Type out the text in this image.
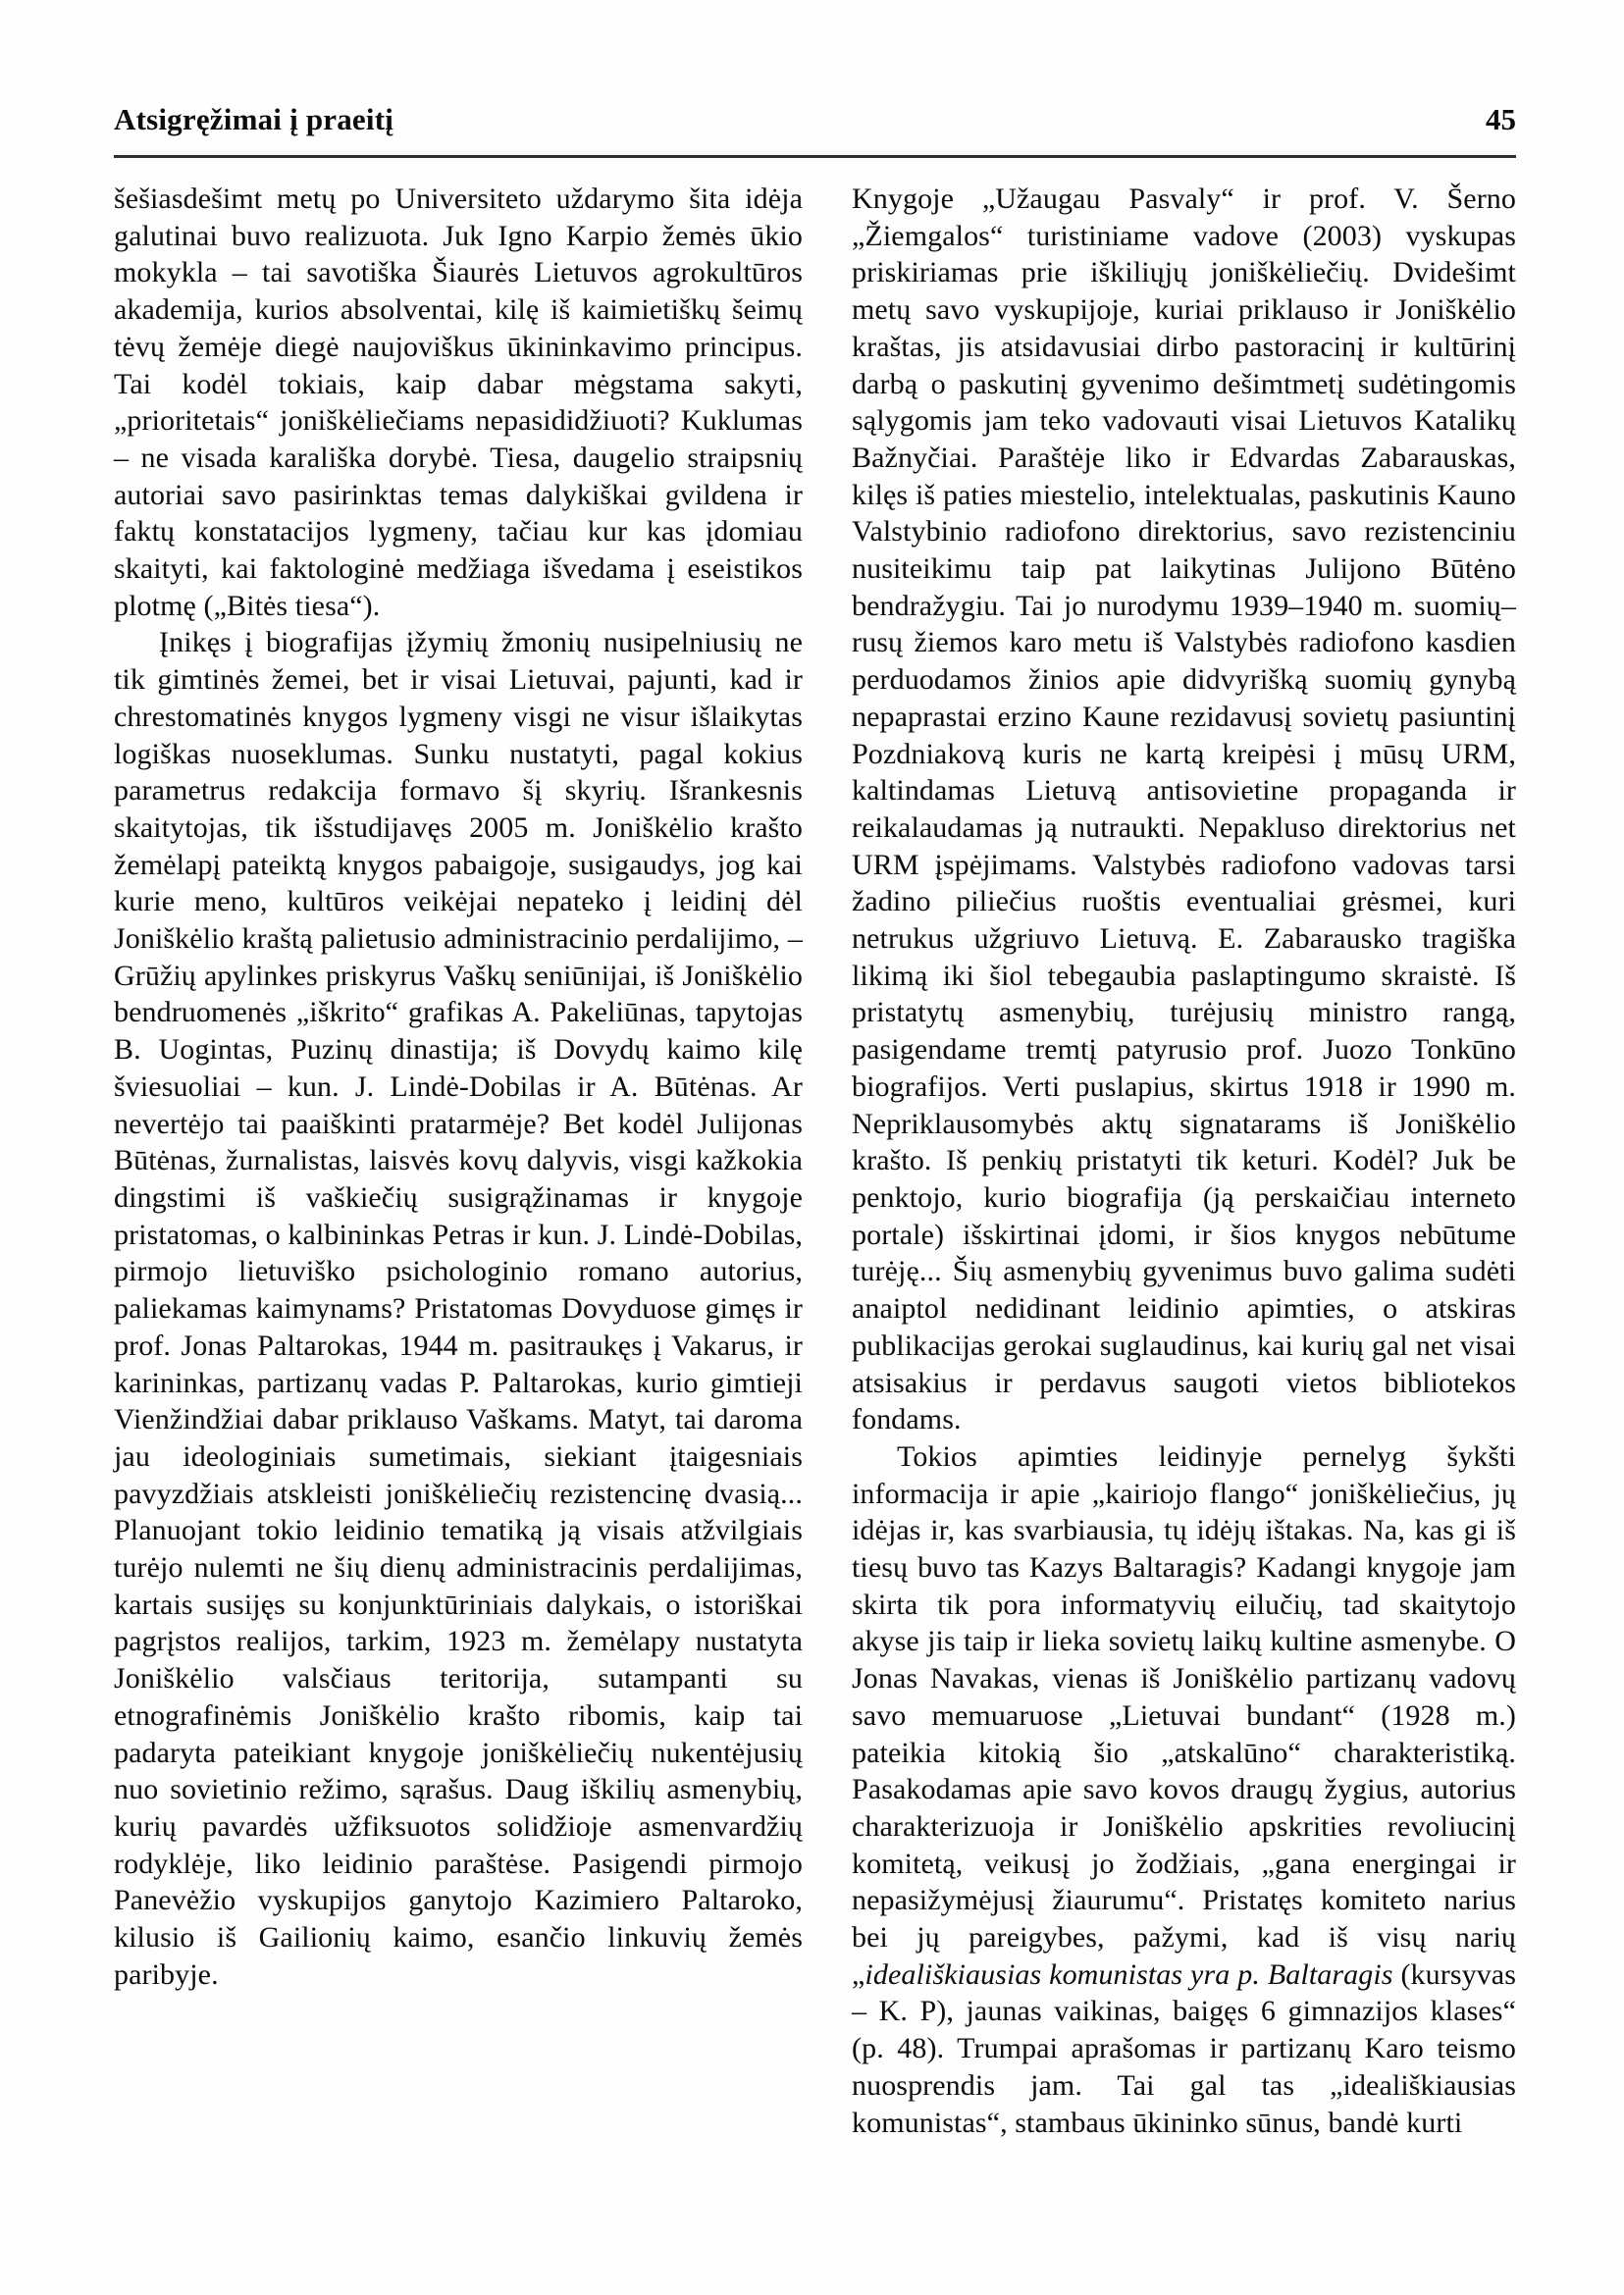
Atsigręžimai į praeitį	45

šešiasdešimt metų po Universiteto uždarymo šita idėja galutinai buvo realizuota. Juk Igno Karpio žemės ūkio mokykla – tai savotiška Šiaurės Lietuvos agrokultūros akademija, kurios absolventai, kilę iš kaimietiškų šeimų tėvų žemėje diegė naujoviškus ūkininkavimo principus. Tai kodėl tokiais, kaip dabar mėgstama sakyti, „prioritetais“ joniškėliečiams nepasididžiuoti? Kuklumas – ne visada karališka dorybė. Tiesa, daugelio straipsnių autoriai savo pasirinktas temas dalykiškai gvildena ir faktų konstatacijos lygmeny, tačiau kur kas įdomiau skaityti, kai faktologinė medžiaga išvedama į eseistikos plotmę („Bitės tiesa“).

Įnikęs į biografijas įžymių žmonių nusipelniusių ne tik gimtinės žemei, bet ir visai Lietuvai, pajunti, kad ir chrestomatinės knygos lygmeny visgi ne visur išlaikytas logiškas nuoseklumas. Sunku nustatyti, pagal kokius parametrus redakcija formavo šį skyrių. Išrankesnis skaitytojas, tik išstudijavęs 2005 m. Joniškėlio krašto žemėlapį pateiktą knygos pabaigoje, susigaudys, jog kai kurie meno, kultūros veikėjai nepateko į leidinį dėl Joniškėlio kraštą palietusio administracinio perdalijimo, – Grūžių apylinkes priskyrus Vaškų seniūnijai, iš Joniškėlio bendruomenės „iškrito“ grafikas A. Pakeliūnas, tapytojas B. Uogintas, Puzinų dinastija; iš Dovydų kaimo kilę šviesuoliai – kun. J. Lindė-Dobilas ir A. Būtėnas. Ar nevertėjo tai paaiškinti pratarmėje? Bet kodėl Julijonas Būtėnas, žurnalistas, laisvės kovų dalyvis, visgi kažkokia dingstimi iš vaškiečių susigrąžinamas ir knygoje pristatomas, o kalbininkas Petras ir kun. J. Lindė-Dobilas, pirmojo lietuviško psichologinio romano autorius, paliekamas kaimynams? Pristatomas Dovyduose gimęs ir prof. Jonas Paltarokas, 1944 m. pasitraukęs į Vakarus, ir karininkas, partizanų vadas P. Paltarokas, kurio gimtieji Vienžindžiai dabar priklauso Vaškams. Matyt, tai daroma jau ideologiniais sumetimais, siekiant įtaigesniais pavyzdžiais atskleisti joniškėliečių rezistencinę dvasią... Planuojant tokio leidinio tematiką ją visais atžvilgiais turėjo nulemti ne šių dienų administracinis perdalijimas, kartais susijęs su konjunktūriniais dalykais, o istoriškai pagrįstos realijos, tarkim, 1923 m. žemėlapy nustatyta Joniškėlio valsčiaus teritorija, sutampanti su etnografinėmis Joniškėlio krašto ribomis, kaip tai padaryta pateikiant knygoje joniškėliečių nukentėjusių nuo sovietinio režimo, sąrašus. Daug iškilių asmenybių, kurių pavardės užfiksuotos solidžioje asmenvardžių rodyklėje, liko leidinio paraštėse. Pasigendi pirmojo Panevėžio vyskupijos ganytojo Kazimiero Paltaroko, kilusio iš Gailionių kaimo, esančio linkuvių žemės paribyje.

Knygoje „Užaugau Pasvaly“ ir prof. V. Šerno „Žiemgalos“ turistiniame vadove (2003) vyskupas priskiriamas prie iškiliųjų joniškėliečių. Dvidešimt metų savo vyskupijoje, kuriai priklauso ir Joniškėlio kraštas, jis atsidavusiai dirbo pastoracinį ir kultūrinį darbą o paskutinį gyvenimo dešimtmetį sudėtingomis sąlygomis jam teko vadovauti visai Lietuvos Katalikų Bažnyčiai. Paraštėje liko ir Edvardas Zabarauskas, kilęs iš paties miestelio, intelektualas, paskutinis Kauno Valstybinio radiofono direktorius, savo rezistenciniu nusiteikimu taip pat laikytinas Julijono Būtėno bendražygiu. Tai jo nurodymu 1939–1940 m. suomių–rusų žiemos karo metu iš Valstybės radiofono kasdien perduodamos žinios apie didvyrišką suomių gynybą nepaprastai erzino Kaune rezidavusį sovietų pasiuntinį Pozdniakovą kuris ne kartą kreipėsi į mūsų URM, kaltindamas Lietuvą antisovietine propaganda ir reikalaudamas ją nutraukti. Nepakluso direktorius net URM įspėjimams. Valstybės radiofono vadovas tarsi žadino piliečius ruoštis eventualiai grėsmei, kuri netrukus užgriuvo Lietuvą. E. Zabarausko tragiška likimą iki šiol tebegaubia paslaptingumo skraistė. Iš pristatytų asmenybių, turėjusių ministro rangą, pasigendame tremtį patyrusio prof. Juozo Tonkūno biografijos. Verti puslapius, skirtus 1918 ir 1990 m. Nepriklausomybės aktų signatarams iš Joniškėlio krašto. Iš penkių pristatyti tik keturi. Kodėl? Juk be penktojo, kurio biografija (ją perskaičiau interneto portale) išskirtinai įdomi, ir šios knygos nebūtume turėję... Šių asmenybių gyvenimus buvo galima sudėti anaiptol nedidinant leidinio apimties, o atskiras publikacijas gerokai suglaudinus, kai kurių gal net visai atsisakius ir perdavus saugoti vietos bibliotekos fondams.

Tokios apimties leidinyje pernelyg šykšti informacija ir apie „kairiojo flango“ joniškėliečius, jų idėjas ir, kas svarbiausia, tų idėjų ištakas. Na, kas gi iš tiesų buvo tas Kazys Baltaragis? Kadangi knygoje jam skirta tik pora informatyvių eilučių, tad skaitytojo akyse jis taip ir lieka sovietų laikų kultine asmenybe. O Jonas Navakas, vienas iš Joniškėlio partizanų vadovų savo memuaruose „Lietuvai bundant“ (1928 m.) pateikia kitokią šio „atskalūno“ charakteristiką. Pasakodamas apie savo kovos draugų žygius, autorius charakterizuoja ir Joniškėlio apskrities revoliucinį komitetą, veikusį jo žodžiais, „gana energingai ir nepasižymėjusį žiaurumu“. Pristatęs komiteto narius bei jų pareigybes, pažymi, kad iš visų narių „ideališkiausias komunistas yra p. Baltaragis (kursyvas – K. P), jaunas vaikinas, baigęs 6 gimnazijos klases“ (p. 48). Trumpai aprašomas ir partizanų Karo teismo nuosprendis jam. Tai gal tas „ideališkiausias komunistas“, stambaus ūkininko sūnus, bandė kurti
